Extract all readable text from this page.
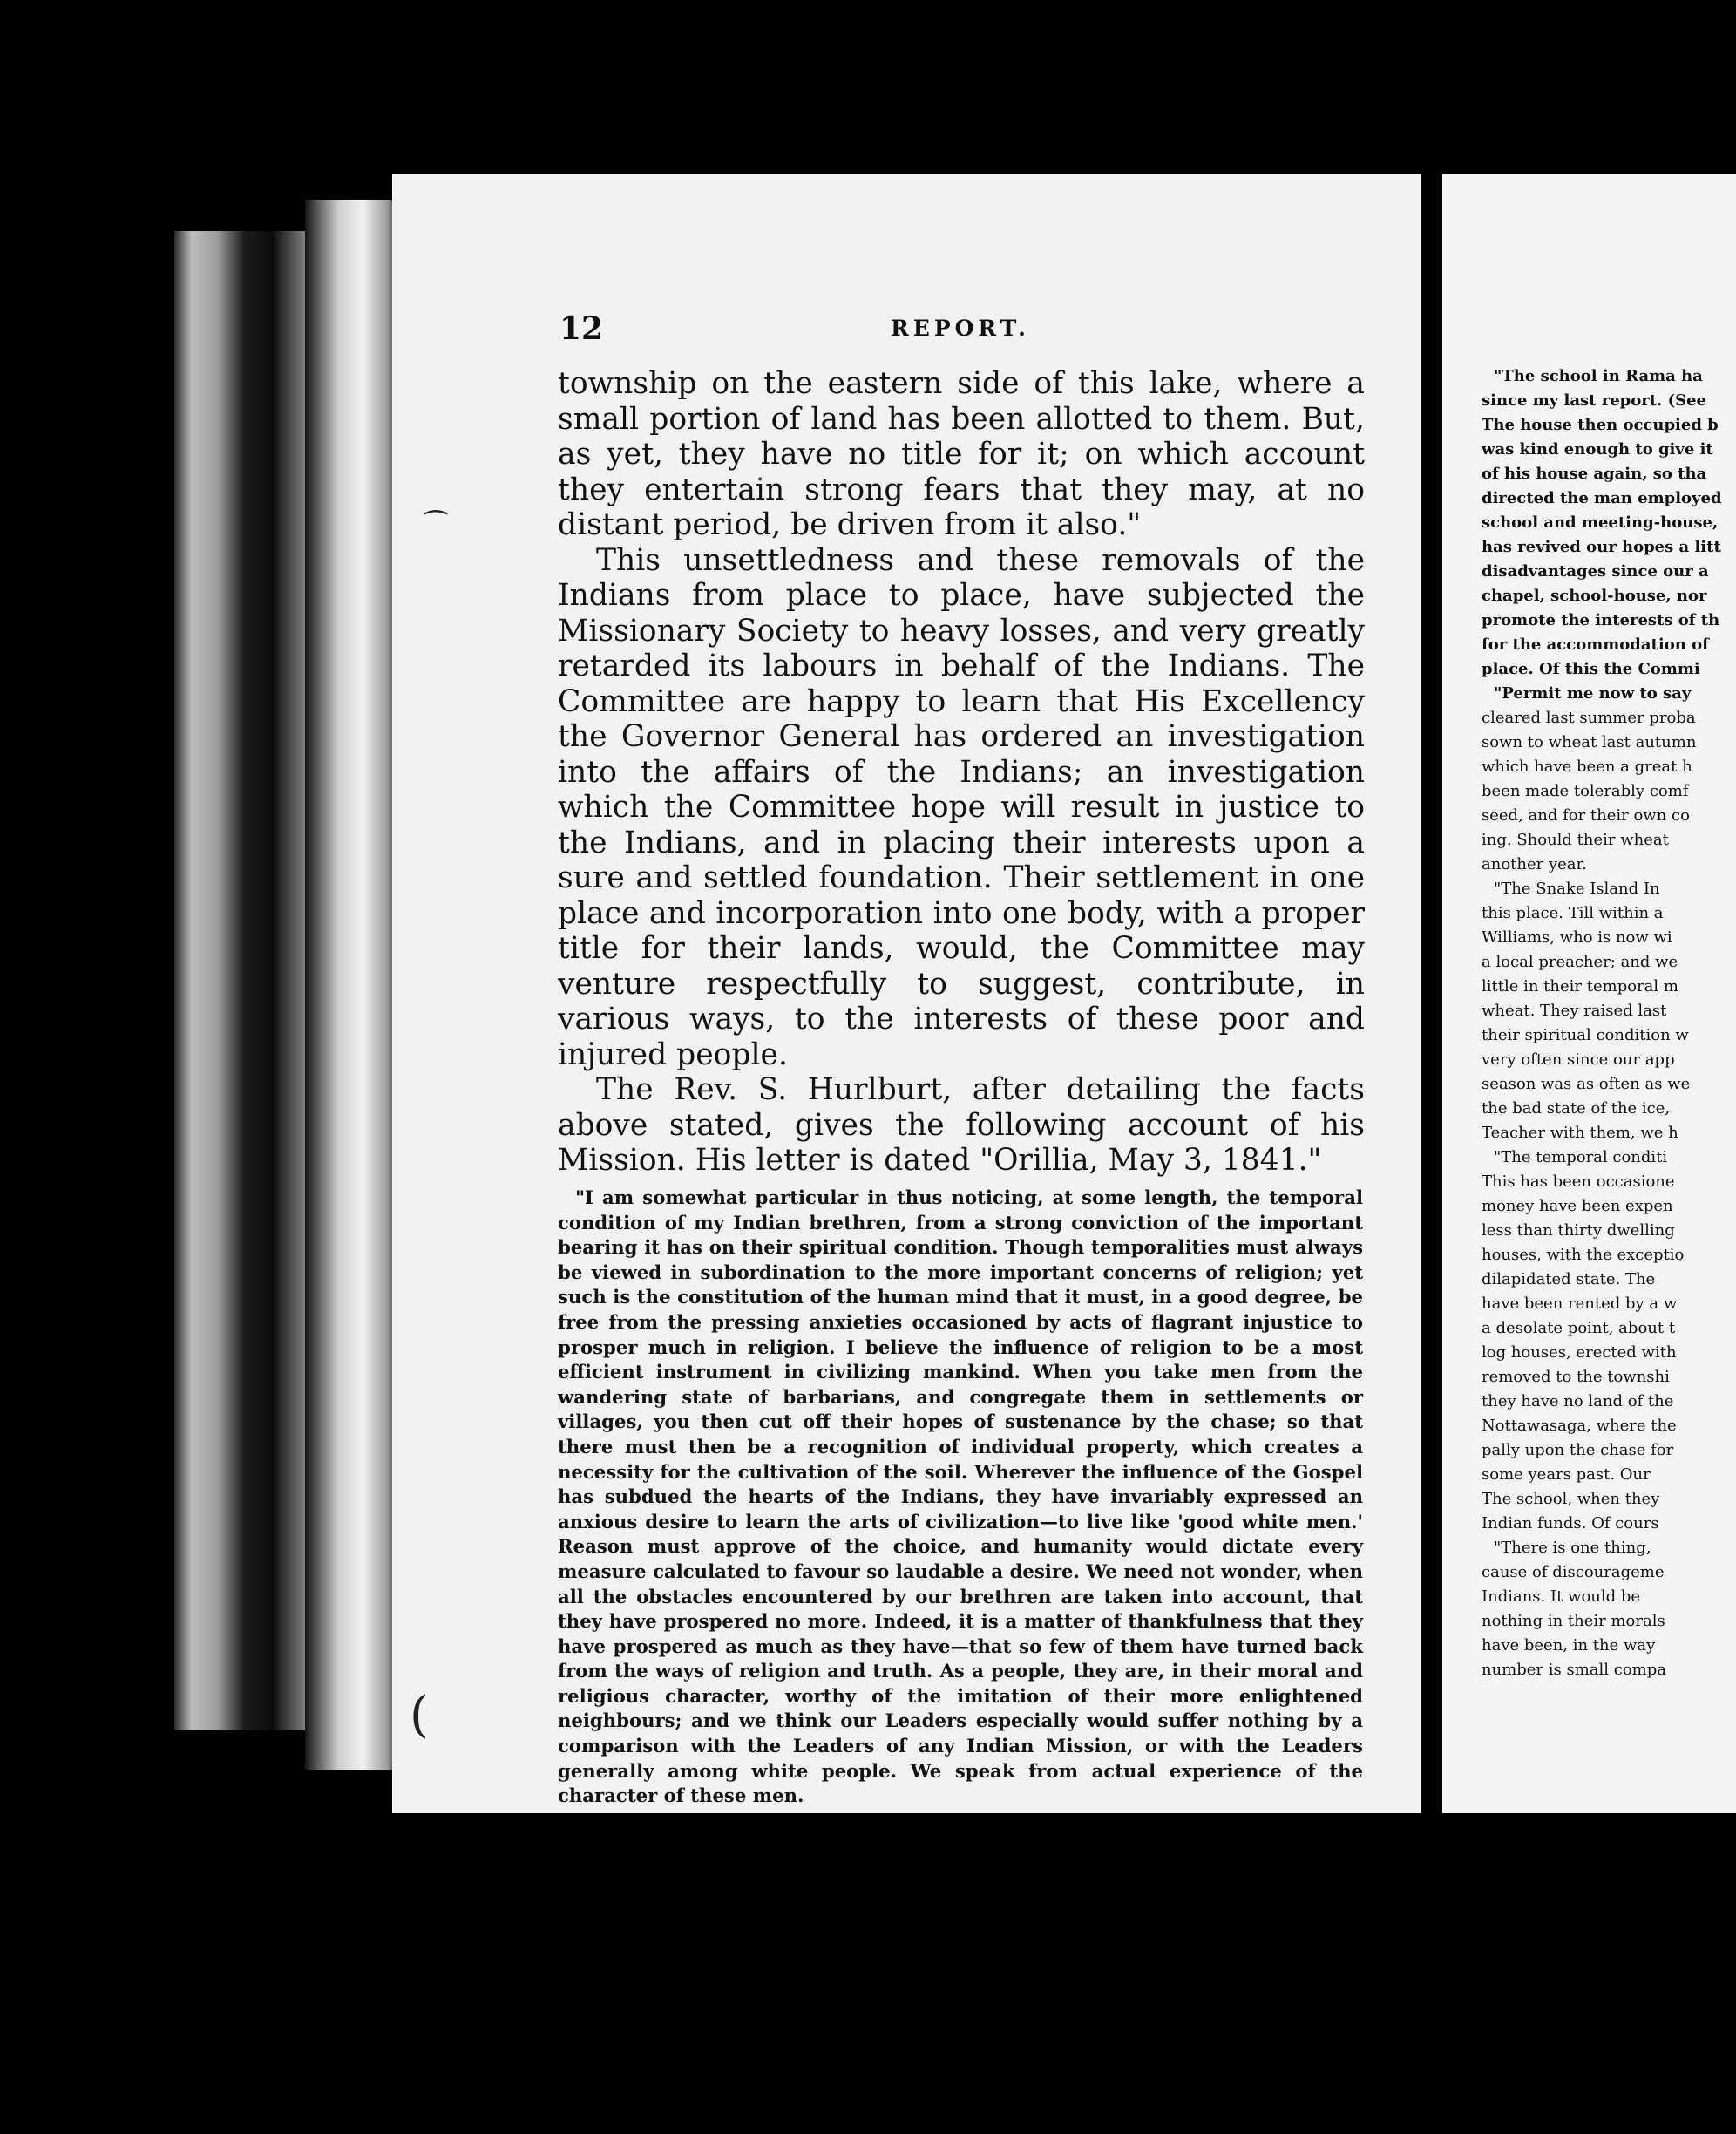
12	REPORT.

township on the eastern side of this lake, where a small portion of land has been allotted to them. But, as yet, they have no title for it; on which account they entertain strong fears that they may, at no distant period, be driven from it also."

This unsettledness and these removals of the Indians from place to place, have subjected the Missionary Society to heavy losses, and very greatly retarded its labours in behalf of the Indians. The Committee are happy to learn that His Excellency the Governor General has ordered an investigation into the affairs of the Indians; an investigation which the Committee hope will result in justice to the Indians, and in placing their interests upon a sure and settled foundation. Their settlement in one place and incorporation into one body, with a proper title for their lands, would, the Committee may venture respectfully to suggest, contribute, in various ways, to the interests of these poor and injured people.

The Rev. S. Hurlburt, after detailing the facts above stated, gives the following account of his Mission. His letter is dated "Orillia, May 3, 1841."

"I am somewhat particular in thus noticing, at some length, the temporal condition of my Indian brethren, from a strong conviction of the important bearing it has on their spiritual condition. Though temporalities must always be viewed in subordination to the more important concerns of religion; yet such is the constitution of the human mind that it must, in a good degree, be free from the pressing anxieties occasioned by acts of flagrant injustice to prosper much in religion. I believe the influence of religion to be a most efficient instrument in civilizing mankind. When you take men from the wandering state of barbarians, and congregate them in settlements or villages, you then cut off their hopes of sustenance by the chase; so that there must then be a recognition of individual property, which creates a necessity for the cultivation of the soil. Wherever the influence of the Gospel has subdued the hearts of the Indians, they have invariably expressed an anxious desire to learn the arts of civilization—to live like 'good white men.' Reason must approve of the choice, and humanity would dictate every measure calculated to favour so laudable a desire. We need not wonder, when all the obstacles encountered by our brethren are taken into account, that they have prospered no more. Indeed, it is a matter of thankfulness that they have prospered as much as they have—that so few of them have turned back from the ways of religion and truth. As a people, they are, in their moral and religious character, worthy of the imitation of their more enlightened neighbours; and we think our Leaders especially would suffer nothing by a comparison with the Leaders of any Indian Mission, or with the Leaders generally among white people. We speak from actual experience of the character of these men.

"The school in Rama ha
since my last report. (See
The house then occupied b
was kind enough to give it
of his house again, so tha
directed the man employed
school and meeting-house,
has revived our hopes a litt
disadvantages since our a
chapel, school-house, nor
promote the interests of th
for the accommodation of
place. Of this the Commi
"Permit me now to say
cleared last summer proba
sown to wheat last autumn
which have been a great h
been made tolerably comf
seed, and for their own co
ing. Should their wheat
another year.
"The Snake Island In
this place. Till within a
Williams, who is now wi
a local preacher; and we
little in their temporal m
wheat. They raised last
their spiritual condition w
very often since our app
season was as often as we
the bad state of the ice,
Teacher with them, we h
"The temporal conditi
This has been occasione
money have been expen
less than thirty dwelling
houses, with the exceptio
dilapidated state. The
have been rented by a w
a desolate point, about t
log houses, erected with
removed to the townshi
they have no land of the
Nottawasaga, where the
pally upon the chase for
some years past. Our
The school, when they
Indian funds. Of cours
"There is one thing,
cause of discourageme
Indians. It would be
nothing in their morals
have been, in the way
number is small compa
⁀
(
